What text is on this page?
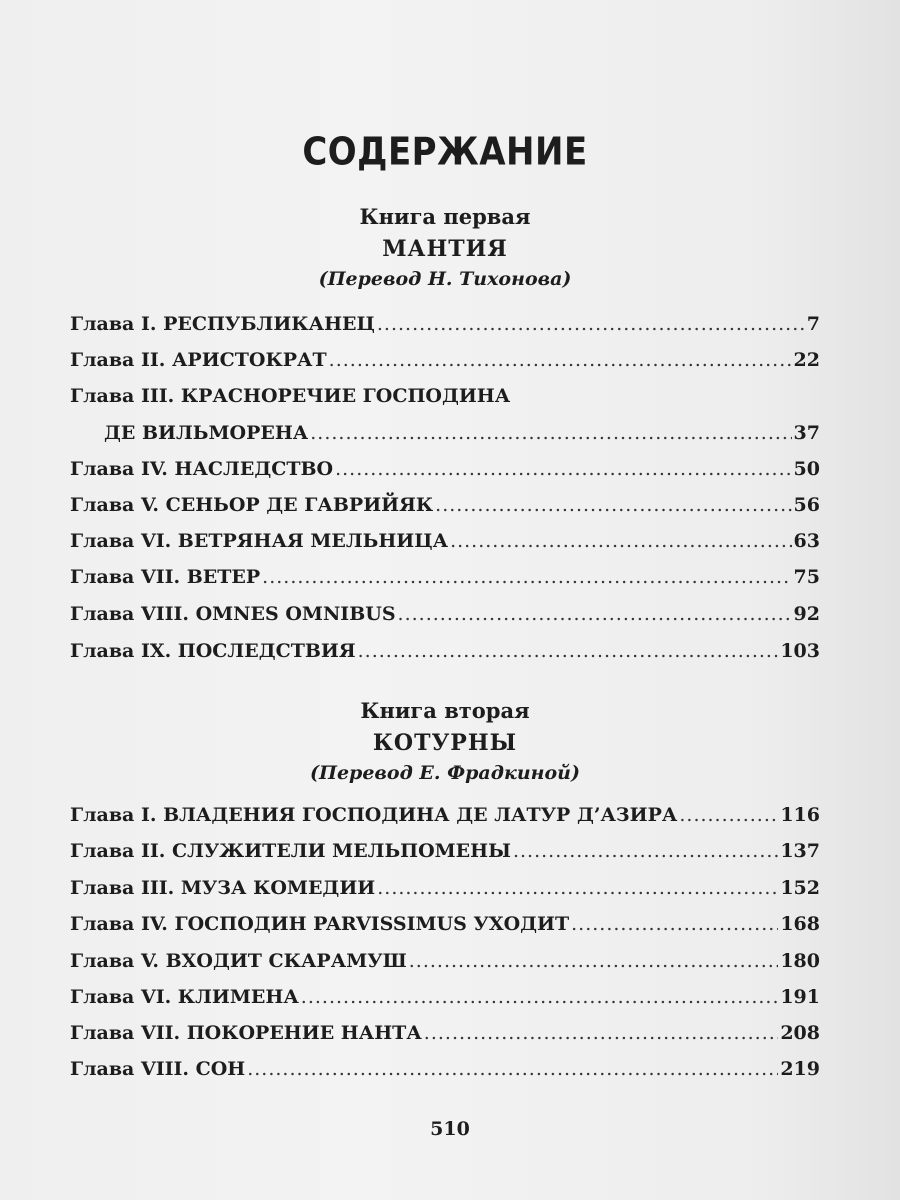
СОДЕРЖАНИЕ
Книга первая
МАНТИЯ
(Перевод Н. Тихонова)
Глава I. РЕСПУБЛИКАНЕЦ .....	7
Глава II. АРИСТОКРАТ .....	22
Глава III. КРАСНОРЕЧИЕ ГОСПОДИНА
ДЕ ВИЛЬМОРЕНА .....	37
Глава IV. НАСЛЕДСТВО .....	50
Глава V. СЕНЬОР ДЕ ГАВРИЙЯК .....	56
Глава VI. ВЕТРЯНАЯ МЕЛЬНИЦА .....	63
Глава VII. ВЕТЕР .....	75
Глава VIII. OMNES OMNIBUS .....	92
Глава IX. ПОСЛЕДСТВИЯ .....	103
Книга вторая
КОТУРНЫ
(Перевод Е. Фрадкиной)
Глава I. ВЛАДЕНИЯ ГОСПОДИНА ДЕ ЛАТУР Д’АЗИРА .....	116
Глава II. СЛУЖИТЕЛИ МЕЛЬПОМЕНЫ .....	137
Глава III. МУЗА КОМЕДИИ .....	152
Глава IV. ГОСПОДИН PARVISSIMUS УХОДИТ .....	168
Глава V. ВХОДИТ СКАРАМУШ .....	180
Глава VI. КЛИМЕНА .....	191
Глава VII. ПОКОРЕНИЕ НАНТА .....	208
Глава VIII. СОН .....	219
510
